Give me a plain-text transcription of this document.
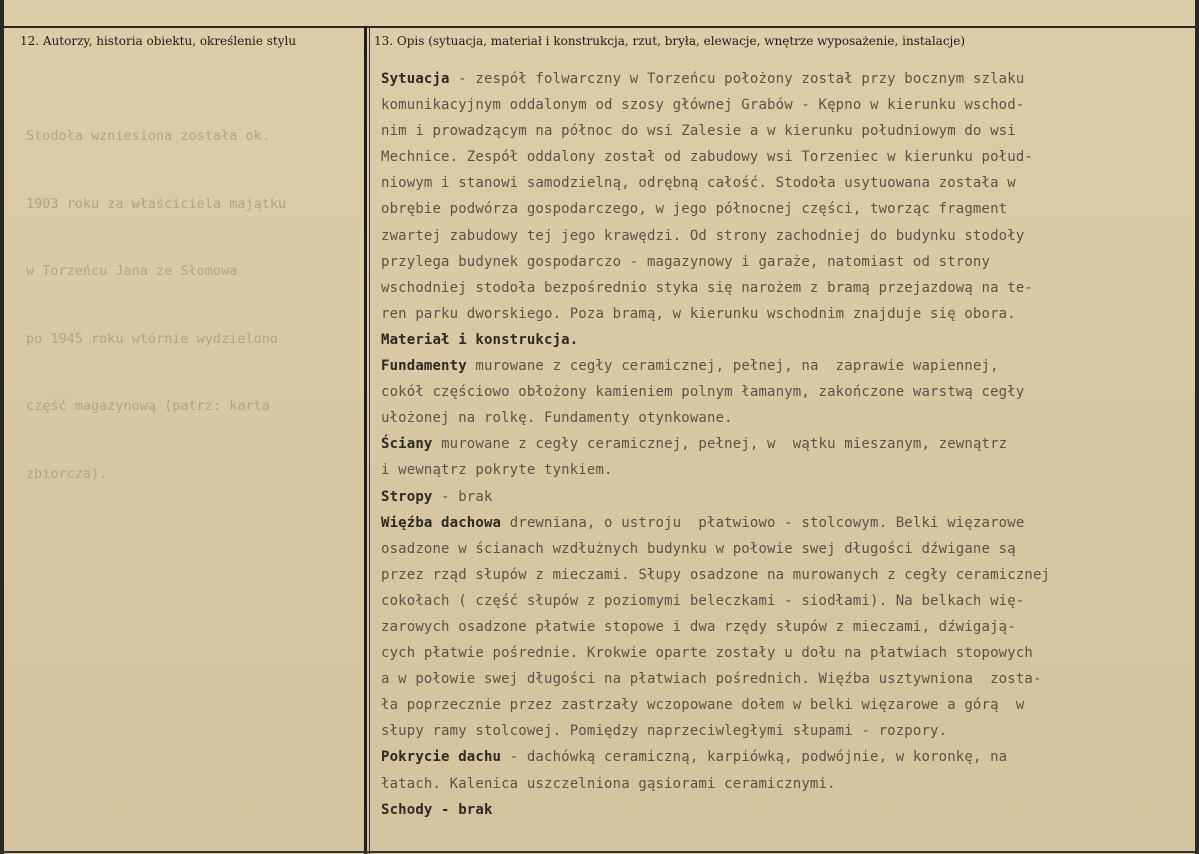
12. Autorzy, historia obiektu, określenie stylu	13. Opis (sytuacja, materiał i konstrukcja, rzut, bryła, elewacje, wnętrze wyposażenie, instalacje)

Stodoła wzniesiona została ok.

1903 roku za właściciela majątku

w Torzeńcu Jana ze Słomowa

po 1945 roku wtórnie wydzielono

część magazynową (patrz: karta

zbiorcza).

Sytuacja - zespół folwarczny w Torzeńcu położony został przy bocznym szlaku
komunikacyjnym oddalonym od szosy głównej Grabów - Kępno w kierunku wschod-
nim i prowadzącym na północ do wsi Zalesie a w kierunku południowym do wsi
Mechnice. Zespół oddalony został od zabudowy wsi Torzeniec w kierunku połud-
niowym i stanowi samodzielną, odrębną całość. Stodoła usytuowana została w
obrębie podwórza gospodarczego, w jego północnej części, tworząc fragment
zwartej zabudowy tej jego krawędzi. Od strony zachodniej do budynku stodoły
przylega budynek gospodarczo - magazynowy i garaże, natomiast od strony
wschodniej stodoła bezpośrednio styka się narożem z bramą przejazdową na te-
ren parku dworskiego. Poza bramą, w kierunku wschodnim znajduje się obora.
Materiał i konstrukcja.
Fundamenty murowane z cegły ceramicznej, pełnej, na  zaprawie wapiennej,
cokół częściowo obłożony kamieniem polnym łamanym, zakończone warstwą cegły
ułożonej na rolkę. Fundamenty otynkowane.
Ściany murowane z cegły ceramicznej, pełnej, w  wątku mieszanym, zewnątrz
i wewnątrz pokryte tynkiem.
Stropy - brak
Więźba dachowa drewniana, o ustroju  płatwiowo - stolcowym. Belki więzarowe
osadzone w ścianach wzdłużnych budynku w połowie swej długości dźwigane są
przez rząd słupów z mieczami. Słupy osadzone na murowanych z cegły ceramicznej
cokołach ( część słupów z poziomymi beleczkami - siodłami). Na belkach wię-
zarowych osadzone płatwie stopowe i dwa rzędy słupów z mieczami, dźwigają-
cych płatwie pośrednie. Krokwie oparte zostały u dołu na płatwiach stopowych
a w połowie swej długości na płatwiach pośrednich. Więźba usztywniona  zosta-
ła poprzecznie przez zastrzały wczopowane dołem w belki więzarowe a górą  w
słupy ramy stolcowej. Pomiędzy naprzeciwległymi słupami - rozpory.
Pokrycie dachu - dachówką ceramiczną, karpiówką, podwójnie, w koronkę, na
łatach. Kalenica uszczelniona gąsiorami ceramicznymi.
Schody - brak
